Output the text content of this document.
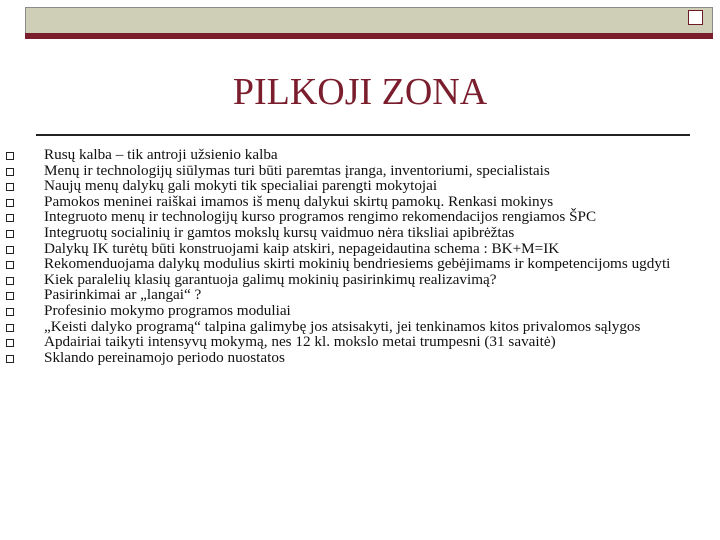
PILKOJI ZONA
Rusų kalba – tik antroji užsienio kalba
Menų ir technologijų siūlymas turi būti paremtas įranga, inventoriumi, specialistais
Naujų menų dalykų gali mokyti tik specialiai parengti mokytojai
Pamokos meninei raiškai imamos iš menų dalykui skirtų pamokų. Renkasi mokinys
Integruoto menų ir technologijų kurso programos rengimo rekomendacijos rengiamos ŠPC
Integruotų socialinių ir gamtos mokslų kursų vaidmuo nėra tiksliai apibrėžtas
Dalykų IK turėtų būti konstruojami kaip atskiri, nepageidautina schema : BK+M=IK
Rekomenduojama dalykų modulius skirti mokinių bendriesiems gebėjimams ir kompetencijoms ugdyti
Kiek paralelių klasių garantuoja galimų mokinių pasirinkimų realizavimą?
Pasirinkimai ar „langai“ ?
Profesinio mokymo programos moduliai
„Keisti dalyko programą“ talpina galimybę jos atsisakyti, jei tenkinamos kitos privalomos sąlygos
Apdairiai taikyti intensyvų mokymą, nes 12 kl. mokslo metai trumpesni (31 savaitė)
Sklando pereinamojo periodo nuostatos
